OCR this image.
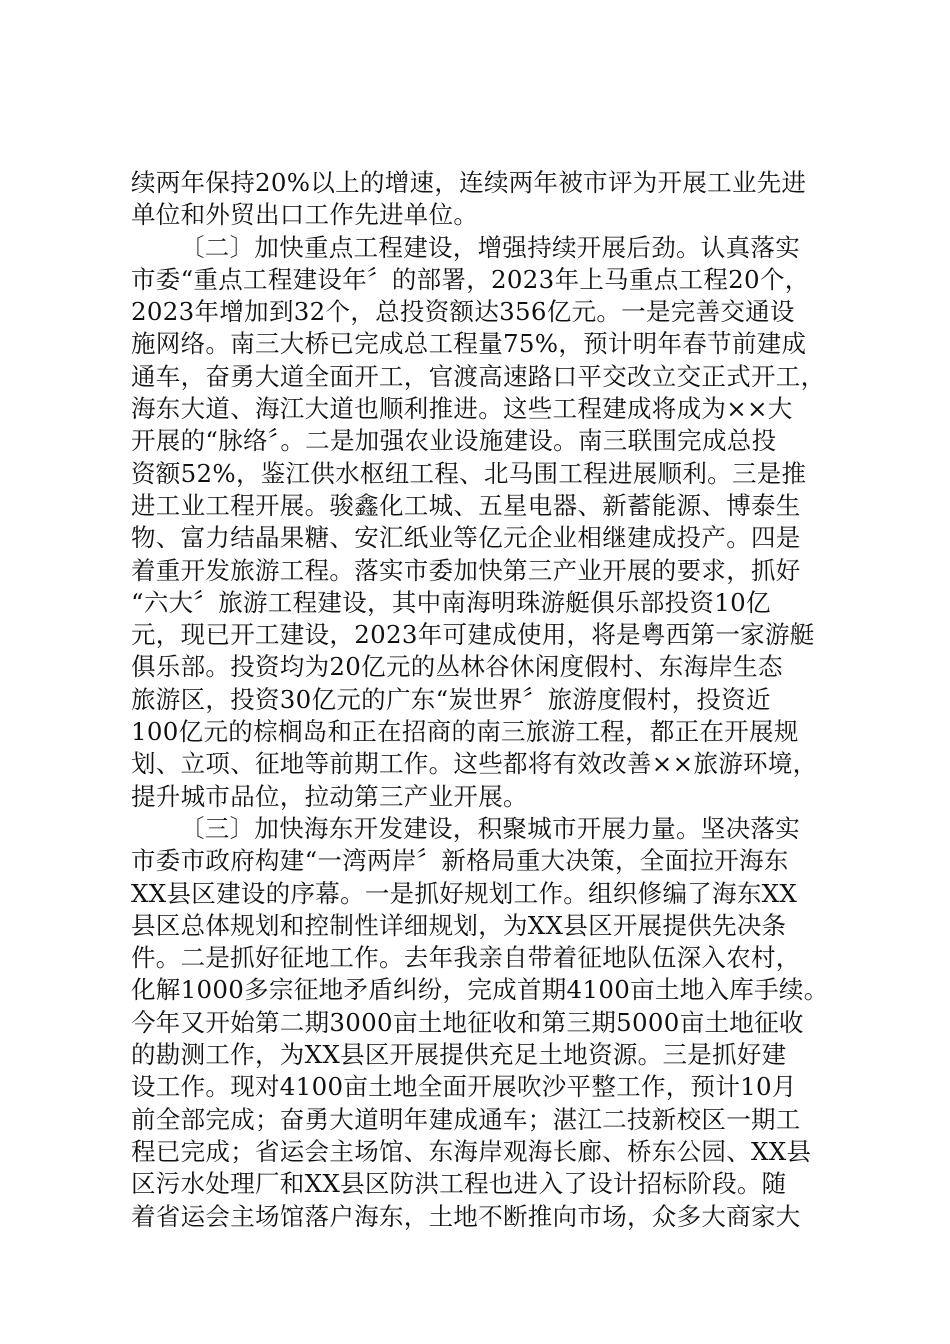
续两年保持20%以上的增速，连续两年被市评为开展工业先进
单位和外贸出口工作先进单位。
〔二〕加快重点工程建设，增强持续开展后劲。认真落实
市委“重点工程建设年〞的部署，2023年上马重点工程20个，
2023年增加到32个，总投资额达356亿元。一是完善交通设
施网络。南三大桥已完成总工程量75%，预计明年春节前建成
通车，奋勇大道全面开工，官渡高速路口平交改立交正式开工，
海东大道、海江大道也顺利推进。这些工程建成将成为××大
开展的“脉络〞。二是加强农业设施建设。南三联围完成总投
资额52%，鉴江供水枢纽工程、北马围工程进展顺利。三是推
进工业工程开展。骏鑫化工城、五星电器、新蓄能源、博泰生
物、富力结晶果糖、安汇纸业等亿元企业相继建成投产。四是
着重开发旅游工程。落实市委加快第三产业开展的要求，抓好
“六大〞旅游工程建设，其中南海明珠游艇俱乐部投资10亿
元，现已开工建设，2023年可建成使用，将是粤西第一家游艇
俱乐部。投资均为20亿元的丛林谷休闲度假村、东海岸生态
旅游区，投资30亿元的广东“炭世界〞旅游度假村，投资近
100亿元的棕榈岛和正在招商的南三旅游工程，都正在开展规
划、立项、征地等前期工作。这些都将有效改善××旅游环境，
提升城市品位，拉动第三产业开展。
〔三〕加快海东开发建设，积聚城市开展力量。坚决落实
市委市政府构建“一湾两岸〞新格局重大决策，全面拉开海东
XX县区建设的序幕。一是抓好规划工作。组织修编了海东XX
县区总体规划和控制性详细规划，为XX县区开展提供先决条
件。二是抓好征地工作。去年我亲自带着征地队伍深入农村，
化解1000多宗征地矛盾纠纷，完成首期4100亩土地入库手续。
今年又开始第二期3000亩土地征收和第三期5000亩土地征收
的勘测工作，为XX县区开展提供充足土地资源。三是抓好建
设工作。现对4100亩土地全面开展吹沙平整工作，预计10月
前全部完成；奋勇大道明年建成通车；湛江二技新校区一期工
程已完成；省运会主场馆、东海岸观海长廊、桥东公园、XX县
区污水处理厂和XX县区防洪工程也进入了设计招标阶段。随
着省运会主场馆落户海东，土地不断推向市场，众多大商家大
